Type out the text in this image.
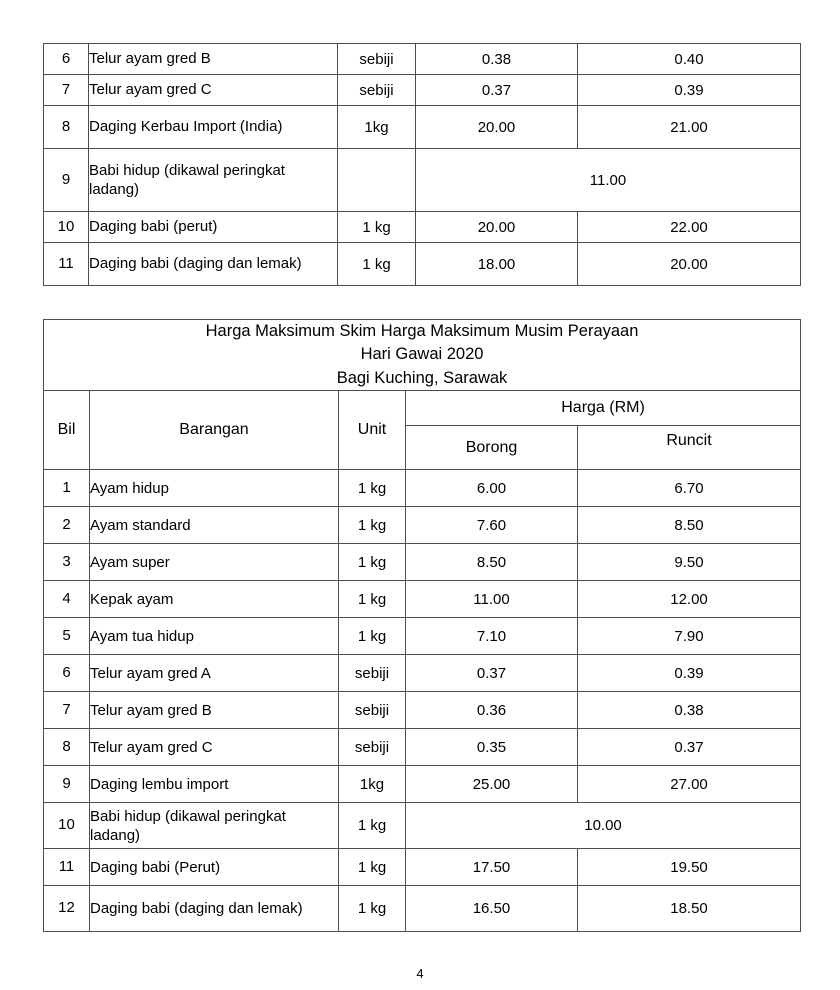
6	Telur ayam gred B	sebiji	0.38	0.40
7	Telur ayam gred C	sebiji	0.37	0.39
8	Daging Kerbau Import (India)	1kg	20.00	21.00
9	Babi hidup (dikawal peringkat ladang)		11.00	
10	Daging babi (perut)	1 kg	20.00	22.00
11	Daging babi (daging dan lemak)	1 kg	18.00	20.00
Harga Maksimum Skim Harga Maksimum Musim Perayaan
Hari Gawai 2020
Bagi Kuching, Sarawak				

Bil	Barangan	Unit	Harga (RM)	
			Borong	Runcit
1	Ayam hidup	1 kg	6.00	6.70
2	Ayam standard	1 kg	7.60	8.50
3	Ayam super	1 kg	8.50	9.50
4	Kepak ayam	1 kg	11.00	12.00
5	Ayam tua hidup	1 kg	7.10	7.90
6	Telur ayam gred A	sebiji	0.37	0.39
7	Telur ayam gred B	sebiji	0.36	0.38
8	Telur ayam gred C	sebiji	0.35	0.37
9	Daging lembu import	1kg	25.00	27.00
10	Babi hidup (dikawal peringkat ladang)	1 kg	10.00	
11	Daging babi (Perut)	1 kg	17.50	19.50
12	Daging babi (daging dan lemak)	1 kg	16.50	18.50
4
